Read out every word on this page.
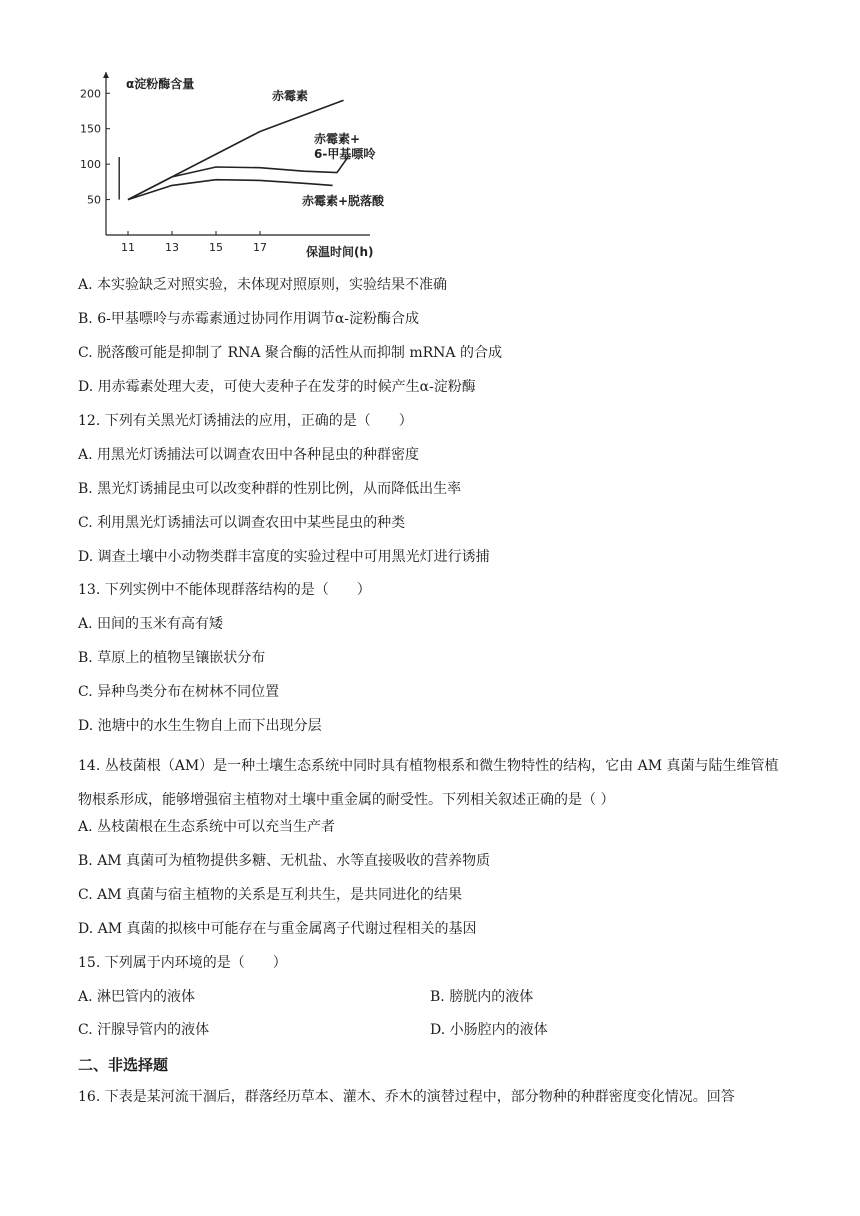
50
100
150
200
11	13	15	17
α淀粉酶含量
保温时间(h)
赤霉素
赤霉素+ 6-甲基嘌呤
赤霉素+脱落酸
A. 本实验缺乏对照实验，未体现对照原则，实验结果不准确
B. 6-甲基嘌呤与赤霉素通过协同作用调节α-淀粉酶合成
C. 脱落酸可能是抑制了 RNA 聚合酶的活性从而抑制 mRNA 的合成
D. 用赤霉素处理大麦，可使大麦种子在发芽的时候产生α-淀粉酶
12. 下列有关黑光灯诱捕法的应用，正确的是（　　）
A. 用黑光灯诱捕法可以调查农田中各种昆虫的种群密度
B. 黑光灯诱捕昆虫可以改变种群的性别比例，从而降低出生率
C. 利用黑光灯诱捕法可以调查农田中某些昆虫的种类
D. 调查土壤中小动物类群丰富度的实验过程中可用黑光灯进行诱捕
13. 下列实例中不能体现群落结构的是（　　）
A. 田间的玉米有高有矮
B. 草原上的植物呈镶嵌状分布
C. 异种鸟类分布在树林不同位置
D. 池塘中的水生生物自上而下出现分层
14. 丛枝菌根（AM）是一种土壤生态系统中同时具有植物根系和微生物特性的结构，它由 AM 真菌与陆生维管植物根系形成，能够增强宿主植物对土壤中重金属的耐受性。下列相关叙述正确的是（ ）
A. 丛枝菌根在生态系统中可以充当生产者
B. AM 真菌可为植物提供多糖、无机盐、水等直接吸收的营养物质
C. AM 真菌与宿主植物的关系是互利共生，是共同进化的结果
D. AM 真菌的拟核中可能存在与重金属离子代谢过程相关的基因
15. 下列属于内环境的是（　　）
A. 淋巴管内的液体	B. 膀胱内的液体
C. 汗腺导管内的液体	D. 小肠腔内的液体
二、非选择题
16. 下表是某河流干涸后，群落经历草本、灌木、乔木的演替过程中，部分物种的种群密度变化情况。回答
